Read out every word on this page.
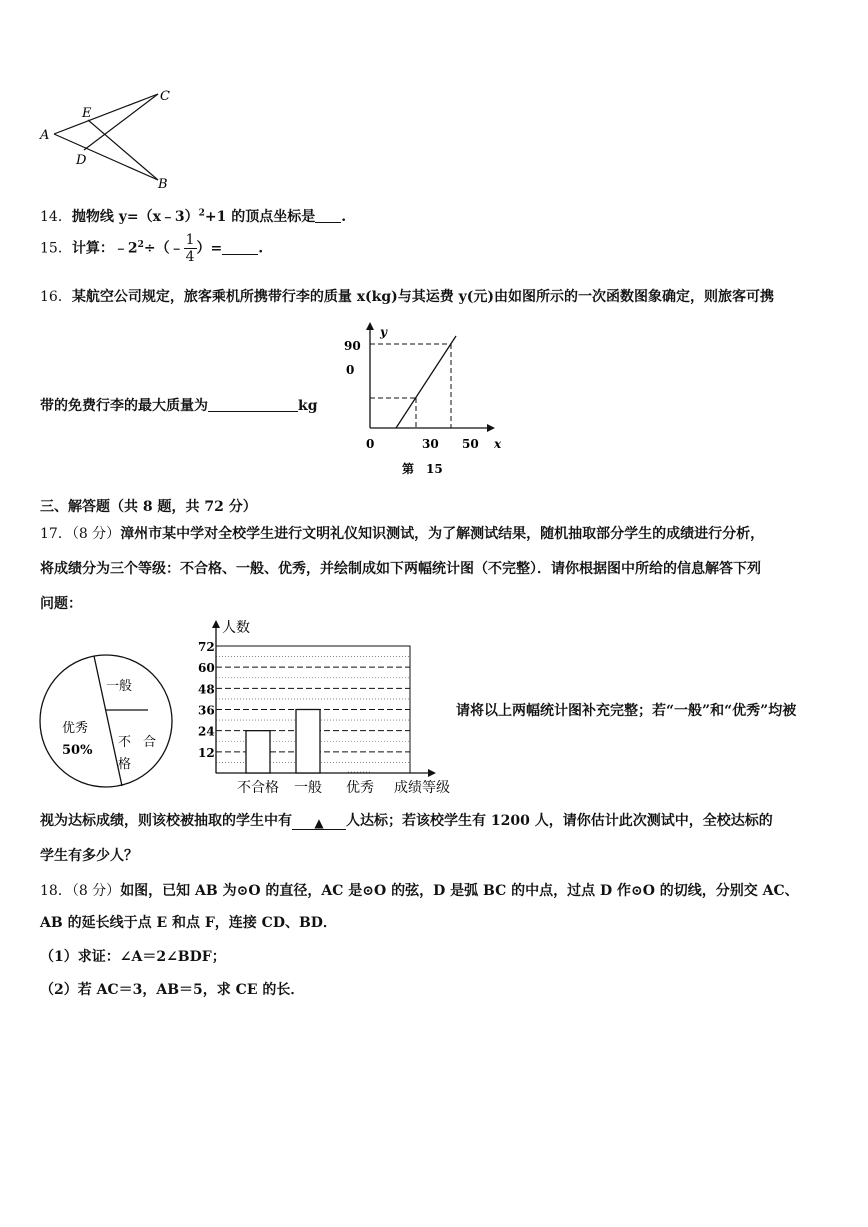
A
B
C
D
E
14．抛物线 y=（x﹣3）$^2$+1 的顶点坐标是 .
15．计算：$﹣2^2\div(﹣ \frac{1}{4}$ ）=	.
16．某航空公司规定，旅客乘机所携带行李的质量 x(kg)与其运费 y(元)由如图所示的一次函数图象确定，则旅客可携
带的免费行李的最大质量为	kg
y
x
90
0
0	30 50
第　15
三、解答题（共 8 题，共 72 分）
17．（8 分）漳州市某中学对全校学生进行文明礼仪知识测试，为了解测试结果，随机抽取部分学生的成绩进行分析，
将成绩分为三个等级：不合格、一般、优秀，并绘制成如下两幅统计图（不完整）．请你根据图中所给的信息解答下列
问题：
一般
优秀
50%
不 合
格
12
24
36
48
60
72
人数
成绩等级
不合格 一般 优秀
请将以上两幅统计图补充完整；若“一般”和“优秀”均被
视为达标成绩，则该校被抽取的学生中有 ▲ 人达标；若该校学生有 1200 人，请你估计此次测试中，全校达标的
学生有多少人？
18．（8 分）如图，已知 AB 为⊙O 的直径，AC 是⊙O 的弦，D 是弧 BC 的中点，过点 D 作⊙O 的切线，分别交 AC、
AB 的延长线于点 E 和点 F，连接 CD、BD．
（1）求证：∠A＝2∠BDF；
（2）若 AC＝3，AB＝5，求 CE 的长．
